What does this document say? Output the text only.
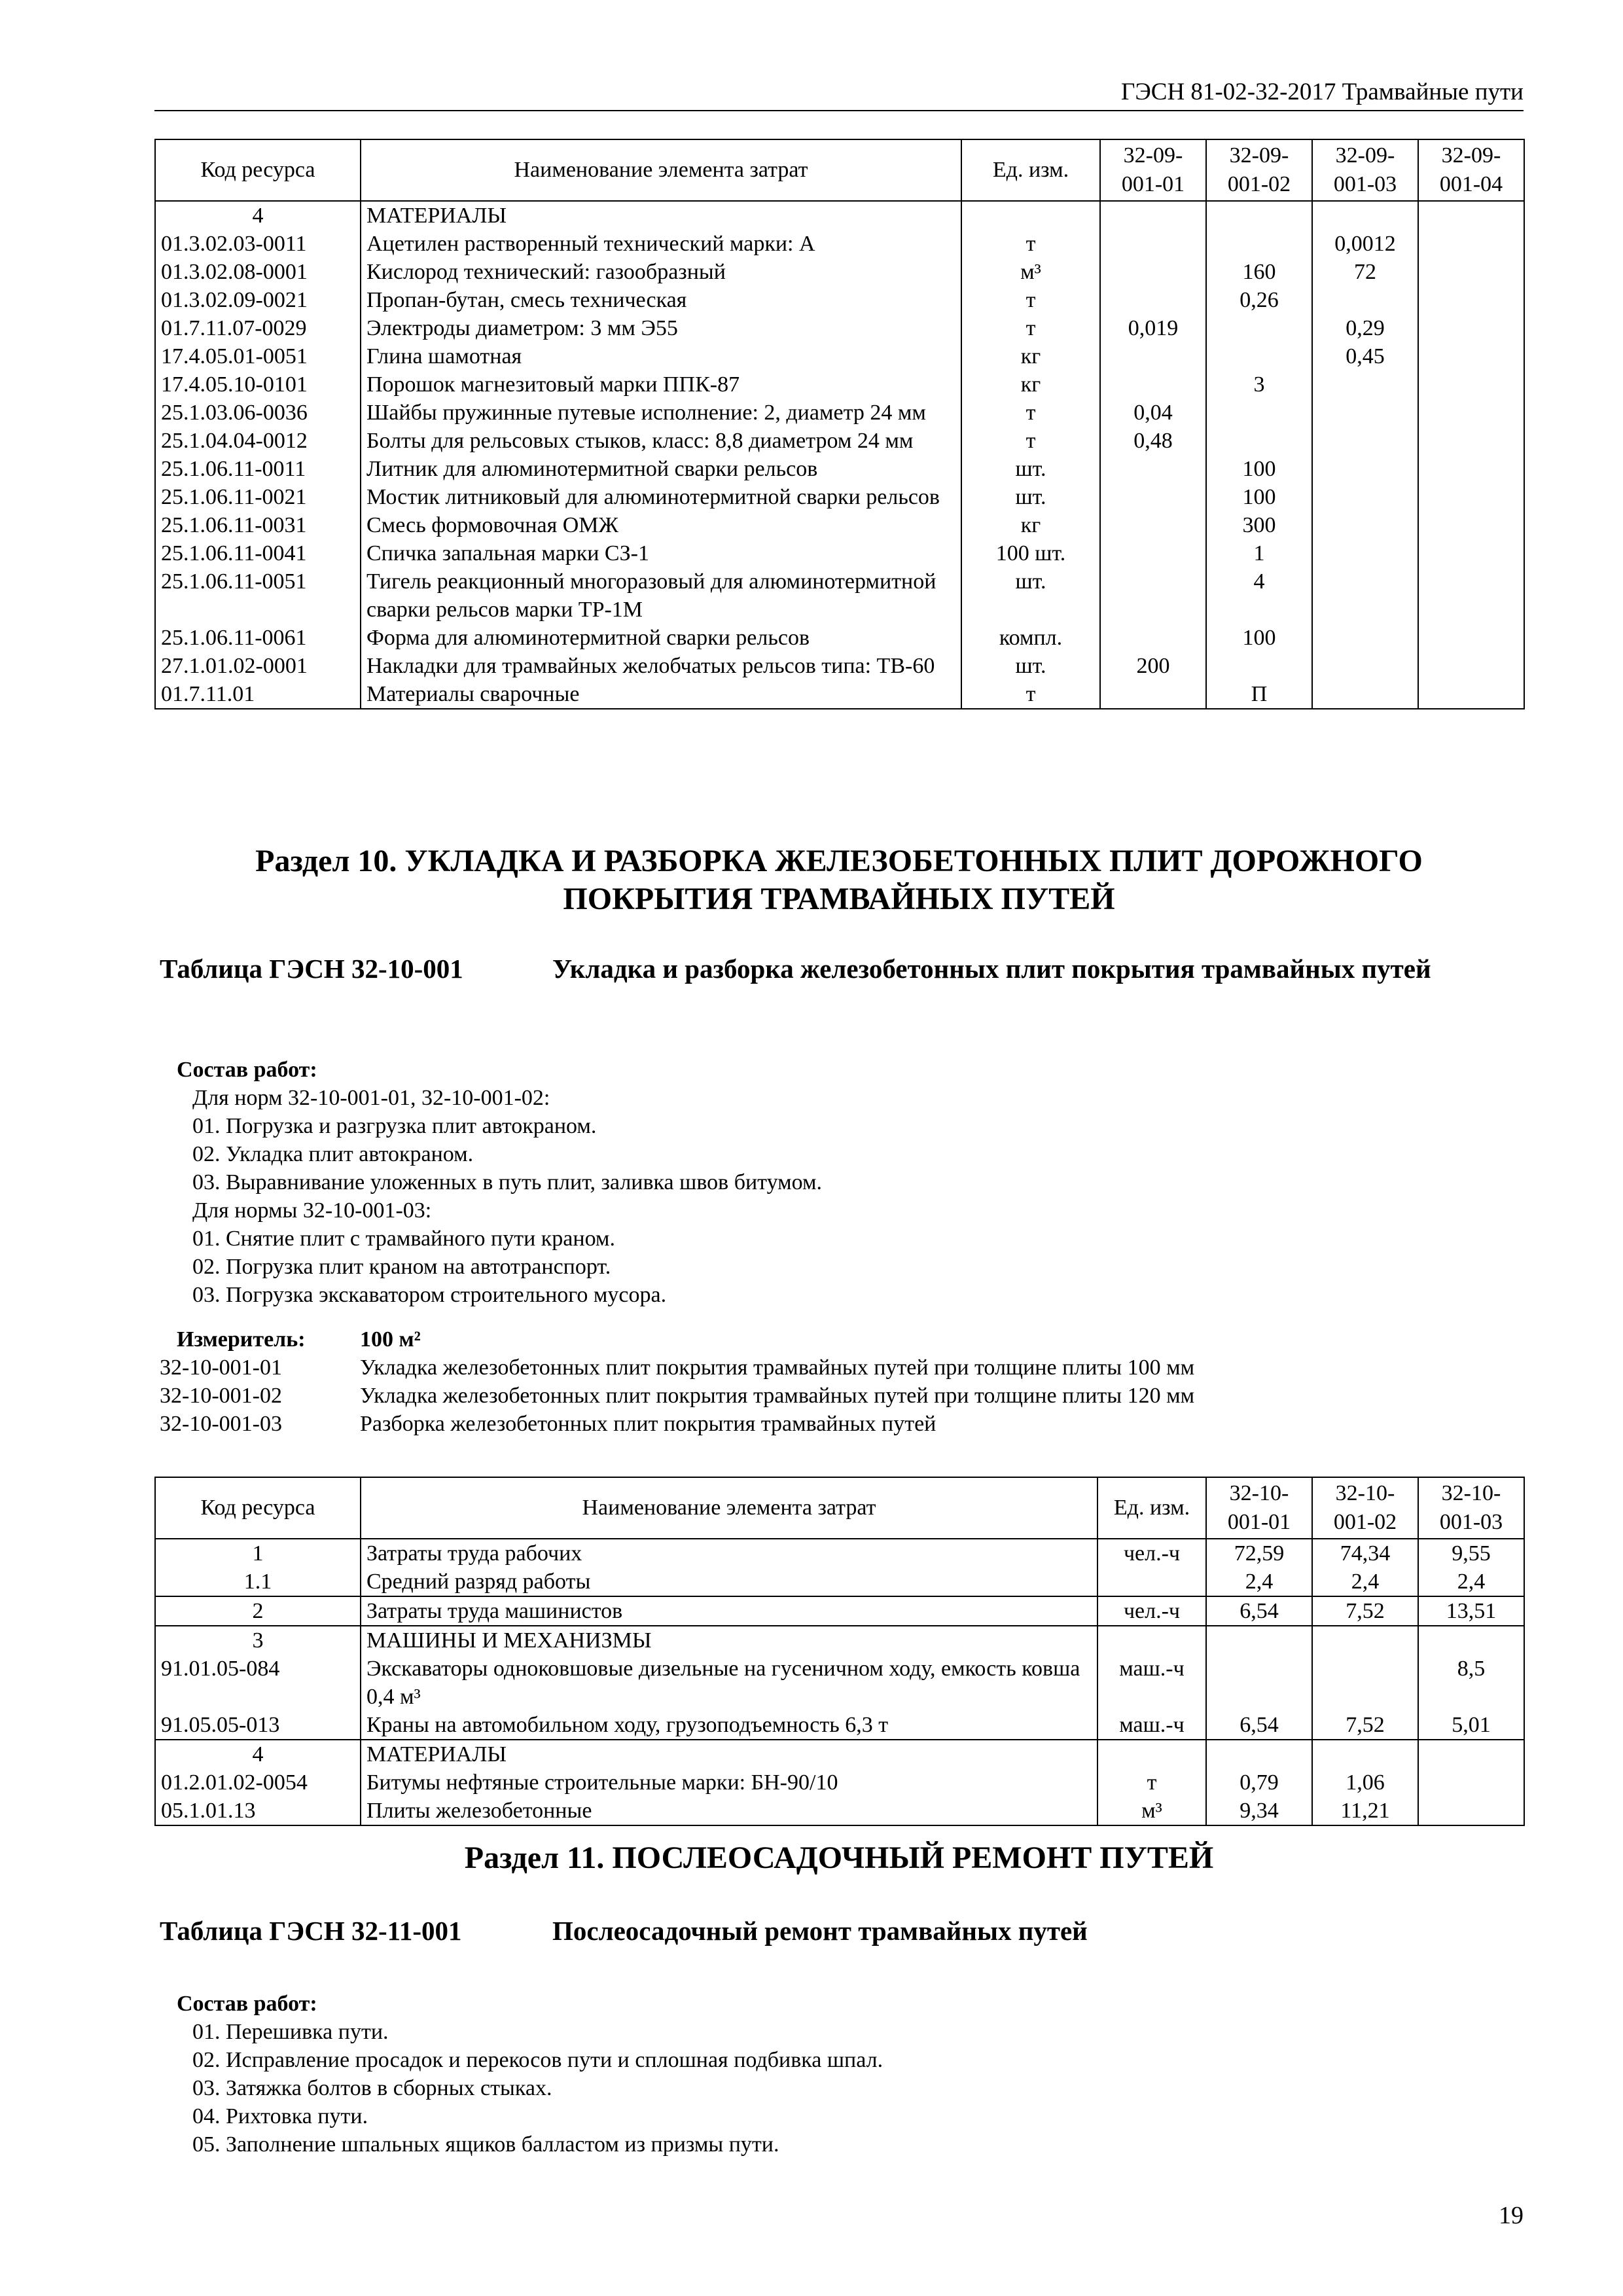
ГЭСН 81-02-32-2017 Трамвайные пути
Код ресурса	Наименование элемента затрат	Ед. изм.	32-09-001-01	32-09-001-02	32-09-001-03	32-09-001-04
4	МАТЕРИАЛЫ					
01.3.02.03-0011	Ацетилен растворенный технический марки: А	т			0,0012	
01.3.02.08-0001	Кислород технический: газообразный	м³		160	72	
01.3.02.09-0021	Пропан-бутан, смесь техническая	т		0,26		
01.7.11.07-0029	Электроды диаметром: 3 мм Э55	т	0,019		0,29	
17.4.05.01-0051	Глина шамотная	кг			0,45	
17.4.05.10-0101	Порошок магнезитовый марки ППК-87	кг		3		
25.1.03.06-0036	Шайбы пружинные путевые исполнение: 2, диаметр 24 мм	т	0,04			
25.1.04.04-0012	Болты для рельсовых стыков, класс: 8,8 диаметром 24 мм	т	0,48			
25.1.06.11-0011	Литник для алюминотермитной сварки рельсов	шт.		100		
25.1.06.11-0021	Мостик литниковый для алюминотермитной сварки рельсов	шт.		100		
25.1.06.11-0031	Смесь формовочная ОМЖ	кг		300		
25.1.06.11-0041	Спичка запальная марки СЗ-1	100 шт.		1		
25.1.06.11-0051	Тигель реакционный многоразовый для алюминотермитной сварки рельсов марки ТР-1М	шт.		4		
25.1.06.11-0061	Форма для алюминотермитной сварки рельсов	компл.		100		
27.1.01.02-0001	Накладки для трамвайных желобчатых рельсов типа: ТВ-60	шт.	200			
01.7.11.01	Материалы сварочные	т		П		
Раздел 10. УКЛАДКА И РАЗБОРКА ЖЕЛЕЗОБЕТОННЫХ ПЛИТ ДОРОЖНОГО
ПОКРЫТИЯ ТРАМВАЙНЫХ ПУТЕЙ
Таблица ГЭСН 32-10-001	Укладка и разборка железобетонных плит покрытия трамвайных путей
Состав работ:
Для норм 32-10-001-01, 32-10-001-02:
01. Погрузка и разгрузка плит автокраном.
02. Укладка плит автокраном.
03. Выравнивание уложенных в путь плит, заливка швов битумом.
Для нормы 32-10-001-03:
01. Снятие плит с трамвайного пути краном.
02. Погрузка плит краном на автотранспорт.
03. Погрузка экскаватором строительного мусора.
Измеритель: 100 м²
32-10-001-01	Укладка железобетонных плит покрытия трамвайных путей при толщине плиты 100 мм
32-10-001-02	Укладка железобетонных плит покрытия трамвайных путей при толщине плиты 120 мм
32-10-001-03	Разборка железобетонных плит покрытия трамвайных путей
Код ресурса	Наименование элемента затрат	Ед. изм.	32-10-001-01	32-10-001-02	32-10-001-03
1	Затраты труда рабочих	чел.-ч	72,59	74,34	9,55
1.1	Средний разряд работы		2,4	2,4	2,4
2	Затраты труда машинистов	чел.-ч	6,54	7,52	13,51
3	МАШИНЫ И МЕХАНИЗМЫ				
91.01.05-084	Экскаваторы одноковшовые дизельные на гусеничном ходу, емкость ковша 0,4 м³	маш.-ч			8,5
91.05.05-013	Краны на автомобильном ходу, грузоподъемность 6,3 т	маш.-ч	6,54	7,52	5,01
4	МАТЕРИАЛЫ				
01.2.01.02-0054	Битумы нефтяные строительные марки: БН-90/10	т	0,79	1,06	
05.1.01.13	Плиты железобетонные	м³	9,34	11,21	
Раздел 11. ПОСЛЕОСАДОЧНЫЙ РЕМОНТ ПУТЕЙ
Таблица ГЭСН 32-11-001	Послеосадочный ремонт трамвайных путей
Состав работ:
01. Перешивка пути.
02. Исправление просадок и перекосов пути и сплошная подбивка шпал.
03. Затяжка болтов в сборных стыках.
04. Рихтовка пути.
05. Заполнение шпальных ящиков балластом из призмы пути.
19
